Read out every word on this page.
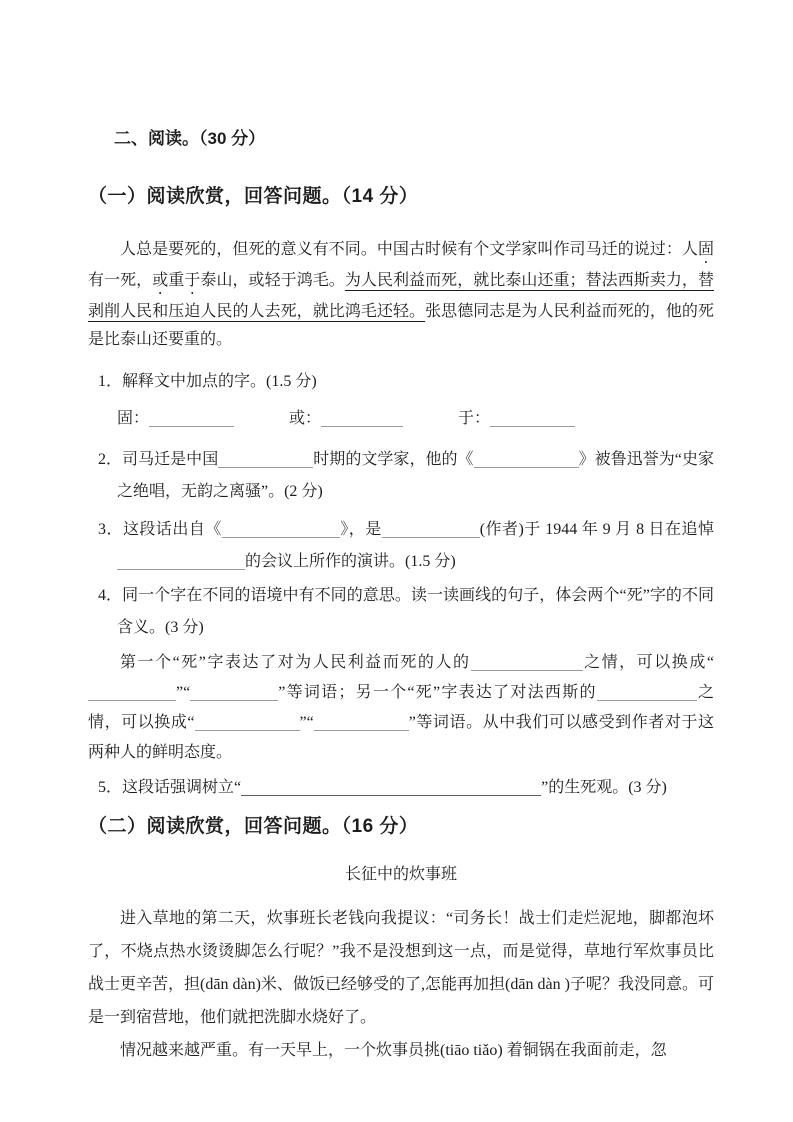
二、阅读。（30 分）
（一）阅读欣赏，回答问题。（14 分）

人总是要死的，但死的意义有不同。中国古时候有个文学家叫作司马迁的说过：人固有一死，或重于泰山，或轻于鸿毛。为人民利益而死，就比泰山还重；替法西斯卖力，替剥削人民和压迫人民的人去死，就比鸿毛还轻。张思德同志是为人民利益而死的，他的死是比泰山还要重的。

1．解释文中加点的字。(1.5 分)

固：	或：	于：

2．司马迁是中国	时期的文学家，他的《	》被鲁迅誉为“史家之绝唱，无韵之离骚”。(2 分)

3．这段话出自《	》，是	(作者)于 1944 年 9 月 8 日在追悼的会议上所作的演讲。(1.5 分)

4．同一个字在不同的语境中有不同的意思。读一读画线的句子，体会两个“死”字的不同含义。(3 分)

第一个“死”字表达了对为人民利益而死的人的	之情，可以换成“”“	”等词语；另一个“死”字表达了对法西斯的	之情，可以换成“	”“	”等词语。从中我们可以感受到作者对于这两种人的鲜明态度。

5．这段话强调树立“	”的生死观。(3 分)

（二）阅读欣赏，回答问题。（16 分）

长征中的炊事班

进入草地的第二天，炊事班长老钱向我提议：“司务长！战士们走烂泥地，脚都泡坏了，不烧点热水烫烫脚怎么行呢？”我不是没想到这一点，而是觉得，草地行军炊事员比战士更辛苦，担(dān dàn)米、做饭已经够受的了,怎能再加担(dān dàn )子呢？我没同意。可是一到宿营地，他们就把洗脚水烧好了。

情况越来越严重。有一天早上，一个炊事员挑(tiāo tiǎo) 着铜锅在我面前走，忽
